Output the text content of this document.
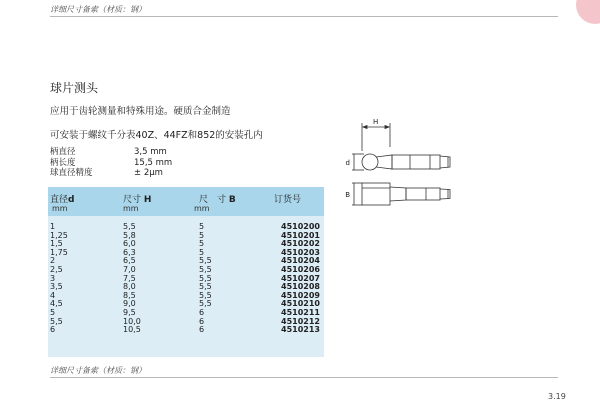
详细尺寸备索（材质：钢）
球片测头
应用于齿轮测量和特殊用途。硬质合金制造
可安装于螺纹千分表40Z、44FZ和852的安装孔内
柄直径	3,5 mm
柄长度	15,5 mm
球直径精度	± 2μm
直径d	尺寸 H	尺　寸 B	订货号
mm	mm	mm
1	5,5	5	4510200
1,25	5,8	5	4510201
1,5	6,0	5	4510202
1,75	6,3	5	4510203
2	6,5	5,5	4510204
2,5	7,0	5,5	4510206
3	7,5	5,5	4510207
3,5	8,0	5,5	4510208
4	8,5	5,5	4510209
4,5	9,0	5,5	4510210
5	9,5	6	4510211
5,5	10,0	6	4510212
6	10,5	6	4510213
H
d
B
详细尺寸备索（材质：钢）
3.19
